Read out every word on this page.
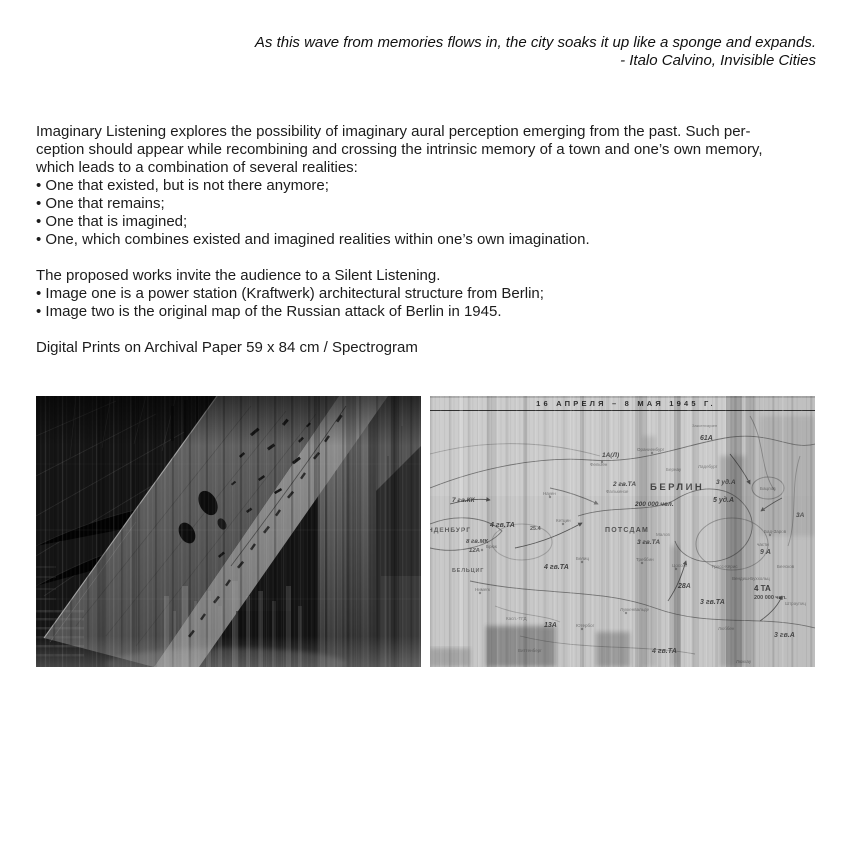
As this wave from memories flows in, the city soaks it up like a sponge and expands.
- Italo Calvino, Invisible Cities
Imaginary Listening explores the possibility of imaginary aural perception emerging from the past. Such per-
ception should appear while recombining and crossing the intrinsic memory of a town and one’s own memory,
which leads to a combination of several realities:
• One that existed, but is not there anymore;
• One that remains;
• One that is imagined;
• One, which combines existed and imagined realities within one’s own imagination.
The proposed works invite the audience to a Silent Listening.
• Image one is a power station (Kraftwerk) architectural structure from Berlin;
• Image two is the original map of the Russian attack of Berlin in 1945.
Digital Prints on Archival Paper 59 x 84 cm / Spectrogram
